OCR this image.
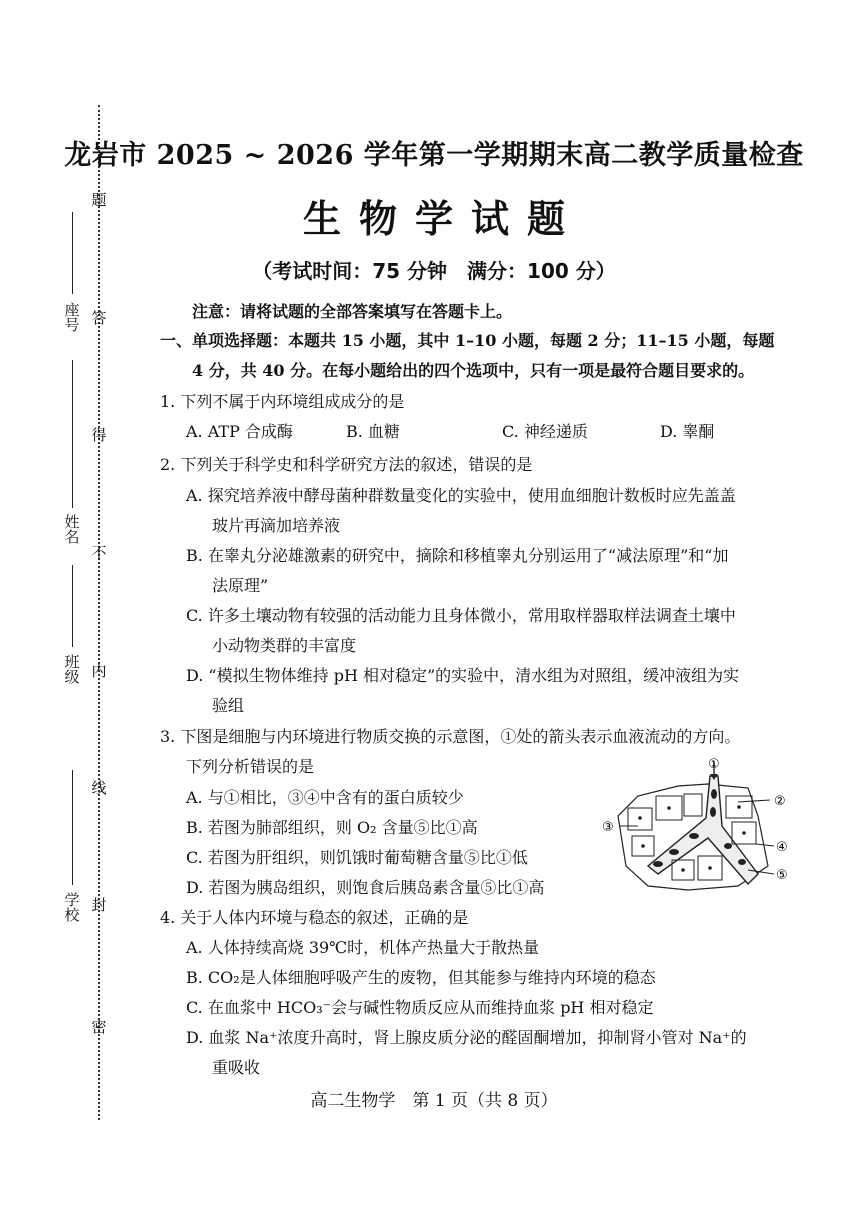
密
封
线
内
不
得
答
题
学校
班级
姓名
座号
龙岩市 2025 ~ 2026 学年第一学期期末高二教学质量检查
生物学试题
（考试时间：75 分钟　满分：100 分）
注意：请将试题的全部答案填写在答题卡上。
一、单项选择题：本题共 15 小题，其中 1–10 小题，每题 2 分；11–15 小题，每题
4 分，共 40 分。在每小题给出的四个选项中，只有一项是最符合题目要求的。
1. 下列不属于内环境组成成分的是
A. ATP 合成酶	B. 血糖	C. 神经递质	D. 睾酮
2. 下列关于科学史和科学研究方法的叙述，错误的是
A. 探究培养液中酵母菌种群数量变化的实验中，使用血细胞计数板时应先盖盖
玻片再滴加培养液
B. 在睾丸分泌雄激素的研究中，摘除和移植睾丸分别运用了“减法原理”和“加
法原理”
C. 许多土壤动物有较强的活动能力且身体微小，常用取样器取样法调查土壤中
小动物类群的丰富度
D. “模拟生物体维持 pH 相对稳定”的实验中，清水组为对照组，缓冲液组为实
验组
3. 下图是细胞与内环境进行物质交换的示意图，①处的箭头表示血液流动的方向。
下列分析错误的是
A. 与①相比，③④中含有的蛋白质较少
B. 若图为肺部组织，则 O₂ 含量⑤比①高
C. 若图为肝组织，则饥饿时葡萄糖含量⑤比①低
D. 若图为胰岛组织，则饱食后胰岛素含量⑤比①高
①
②
③
④
⑤
4. 关于人体内环境与稳态的叙述，正确的是
A. 人体持续高烧 39℃时，机体产热量大于散热量
B. CO₂是人体细胞呼吸产生的废物，但其能参与维持内环境的稳态
C. 在血浆中 HCO₃⁻会与碱性物质反应从而维持血浆 pH 相对稳定
D. 血浆 Na⁺浓度升高时，肾上腺皮质分泌的醛固酮增加，抑制肾小管对 Na⁺的
重吸收
高二生物学　第 1 页（共 8 页）
